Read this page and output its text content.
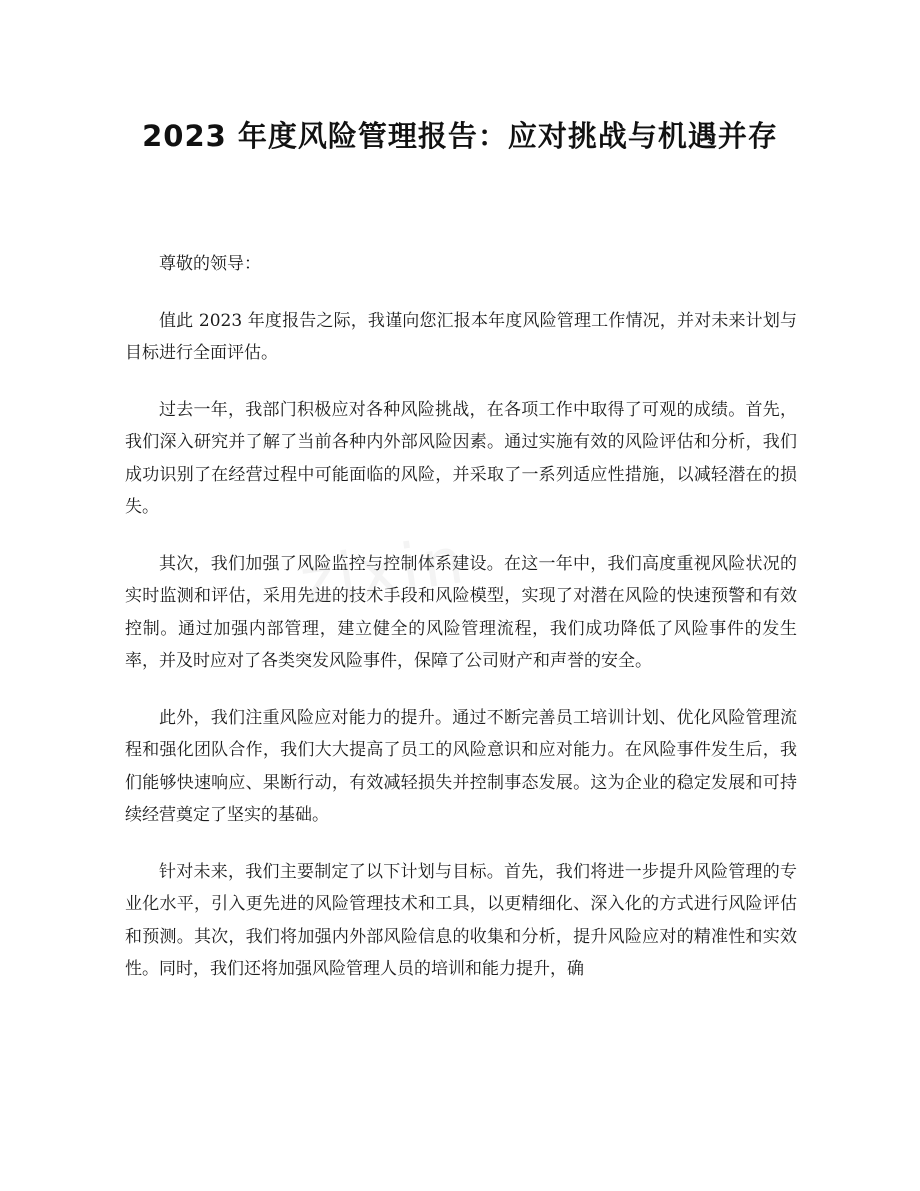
2023 年度风险管理报告：应对挑战与机遇并存

尊敬的领导：

值此 2023 年度报告之际，我谨向您汇报本年度风险管理工作情况，并对未来计划与目标进行全面评估。

过去一年，我部门积极应对各种风险挑战，在各项工作中取得了可观的成绩。首先，我们深入研究并了解了当前各种内外部风险因素。通过实施有效的风险评估和分析，我们成功识别了在经营过程中可能面临的风险，并采取了一系列适应性措施，以减轻潜在的损失。

其次，我们加强了风险监控与控制体系建设。在这一年中，我们高度重视风险状况的实时监测和评估，采用先进的技术手段和风险模型，实现了对潜在风险的快速预警和有效控制。通过加强内部管理，建立健全的风险管理流程，我们成功降低了风险事件的发生率，并及时应对了各类突发风险事件，保障了公司财产和声誉的安全。

此外，我们注重风险应对能力的提升。通过不断完善员工培训计划、优化风险管理流程和强化团队合作，我们大大提高了员工的风险意识和应对能力。在风险事件发生后，我们能够快速响应、果断行动，有效减轻损失并控制事态发展。这为企业的稳定发展和可持续经营奠定了坚实的基础。

针对未来，我们主要制定了以下计划与目标。首先，我们将进一步提升风险管理的专业化水平，引入更先进的风险管理技术和工具，以更精细化、深入化的方式进行风险评估和预测。其次，我们将加强内外部风险信息的收集和分析，提升风险应对的精准性和实效性。同时，我们还将加强风险管理人员的培训和能力提升，确

zixin
